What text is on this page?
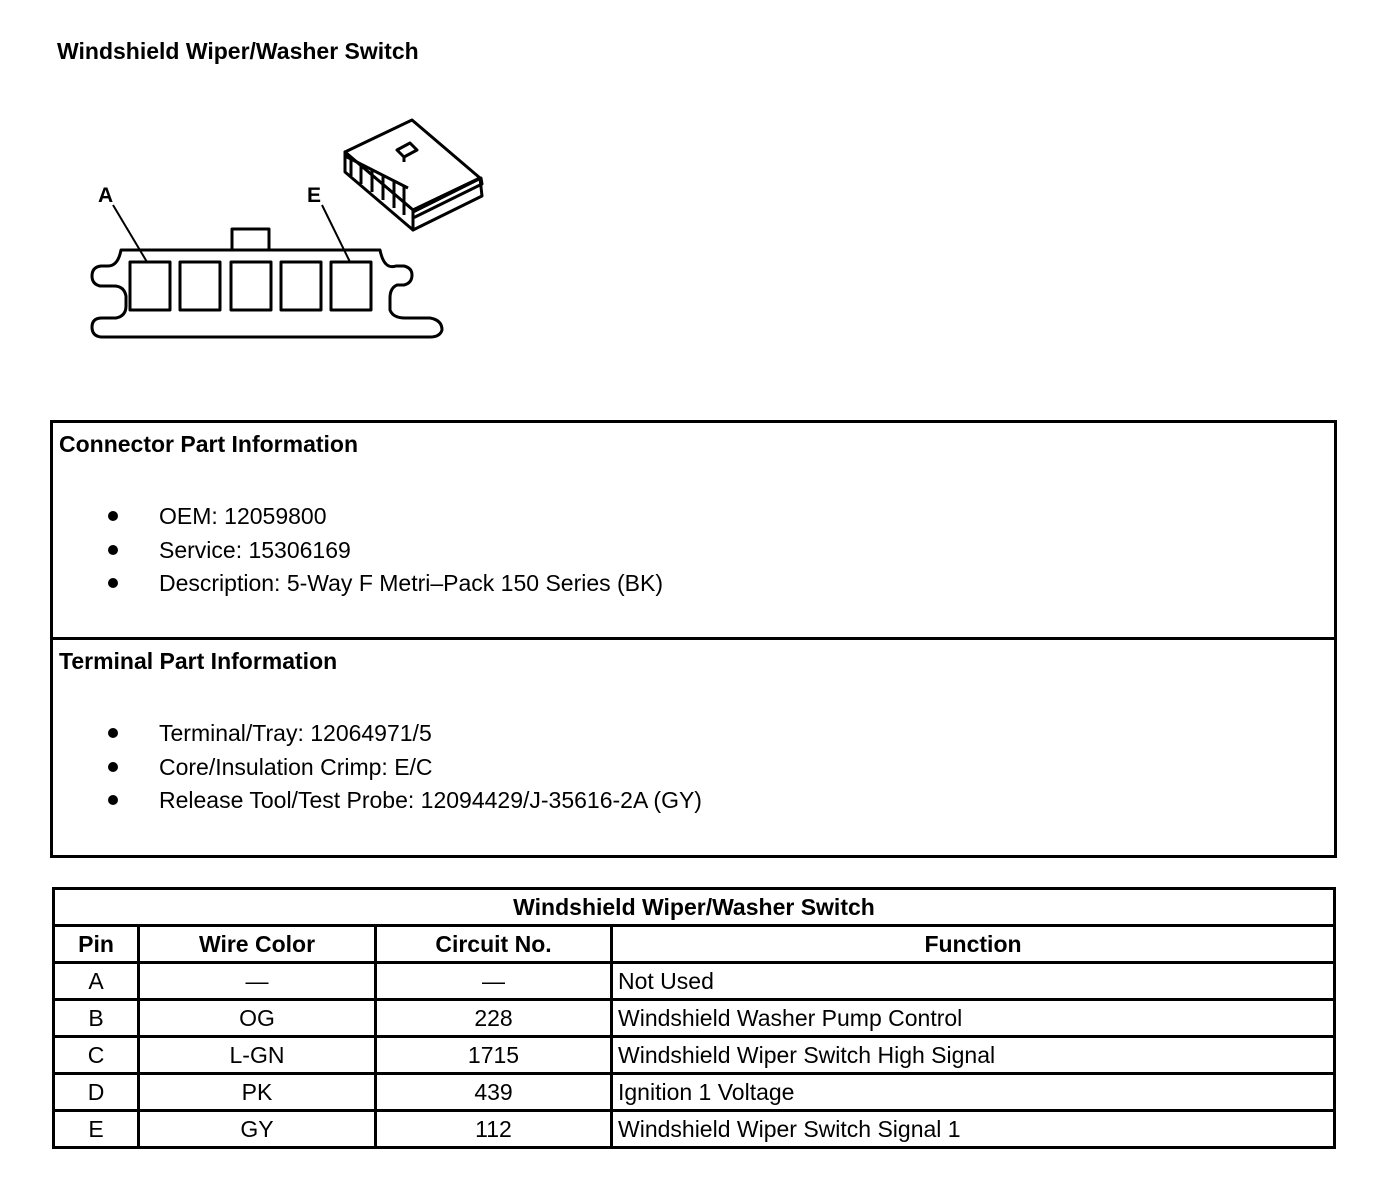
Windshield Wiper/Washer Switch
A	E
Connector Part Information
OEM: 12059800
Service: 15306169
Description: 5-Way F Metri–Pack 150 Series (BK)
Terminal Part Information
Terminal/Tray: 12064971/5
Core/Insulation Crimp: E/C
Release Tool/Test Probe: 12094429/J-35616-2A (GY)
Windshield Wiper/Washer Switch			
Pin	Wire Color	Circuit No.	Function
A	—	—	Not Used
B	OG	228	Windshield Washer Pump Control
C	L-GN	1715	Windshield Wiper Switch High Signal
D	PK	439	Ignition 1 Voltage
E	GY	112	Windshield Wiper Switch Signal 1
